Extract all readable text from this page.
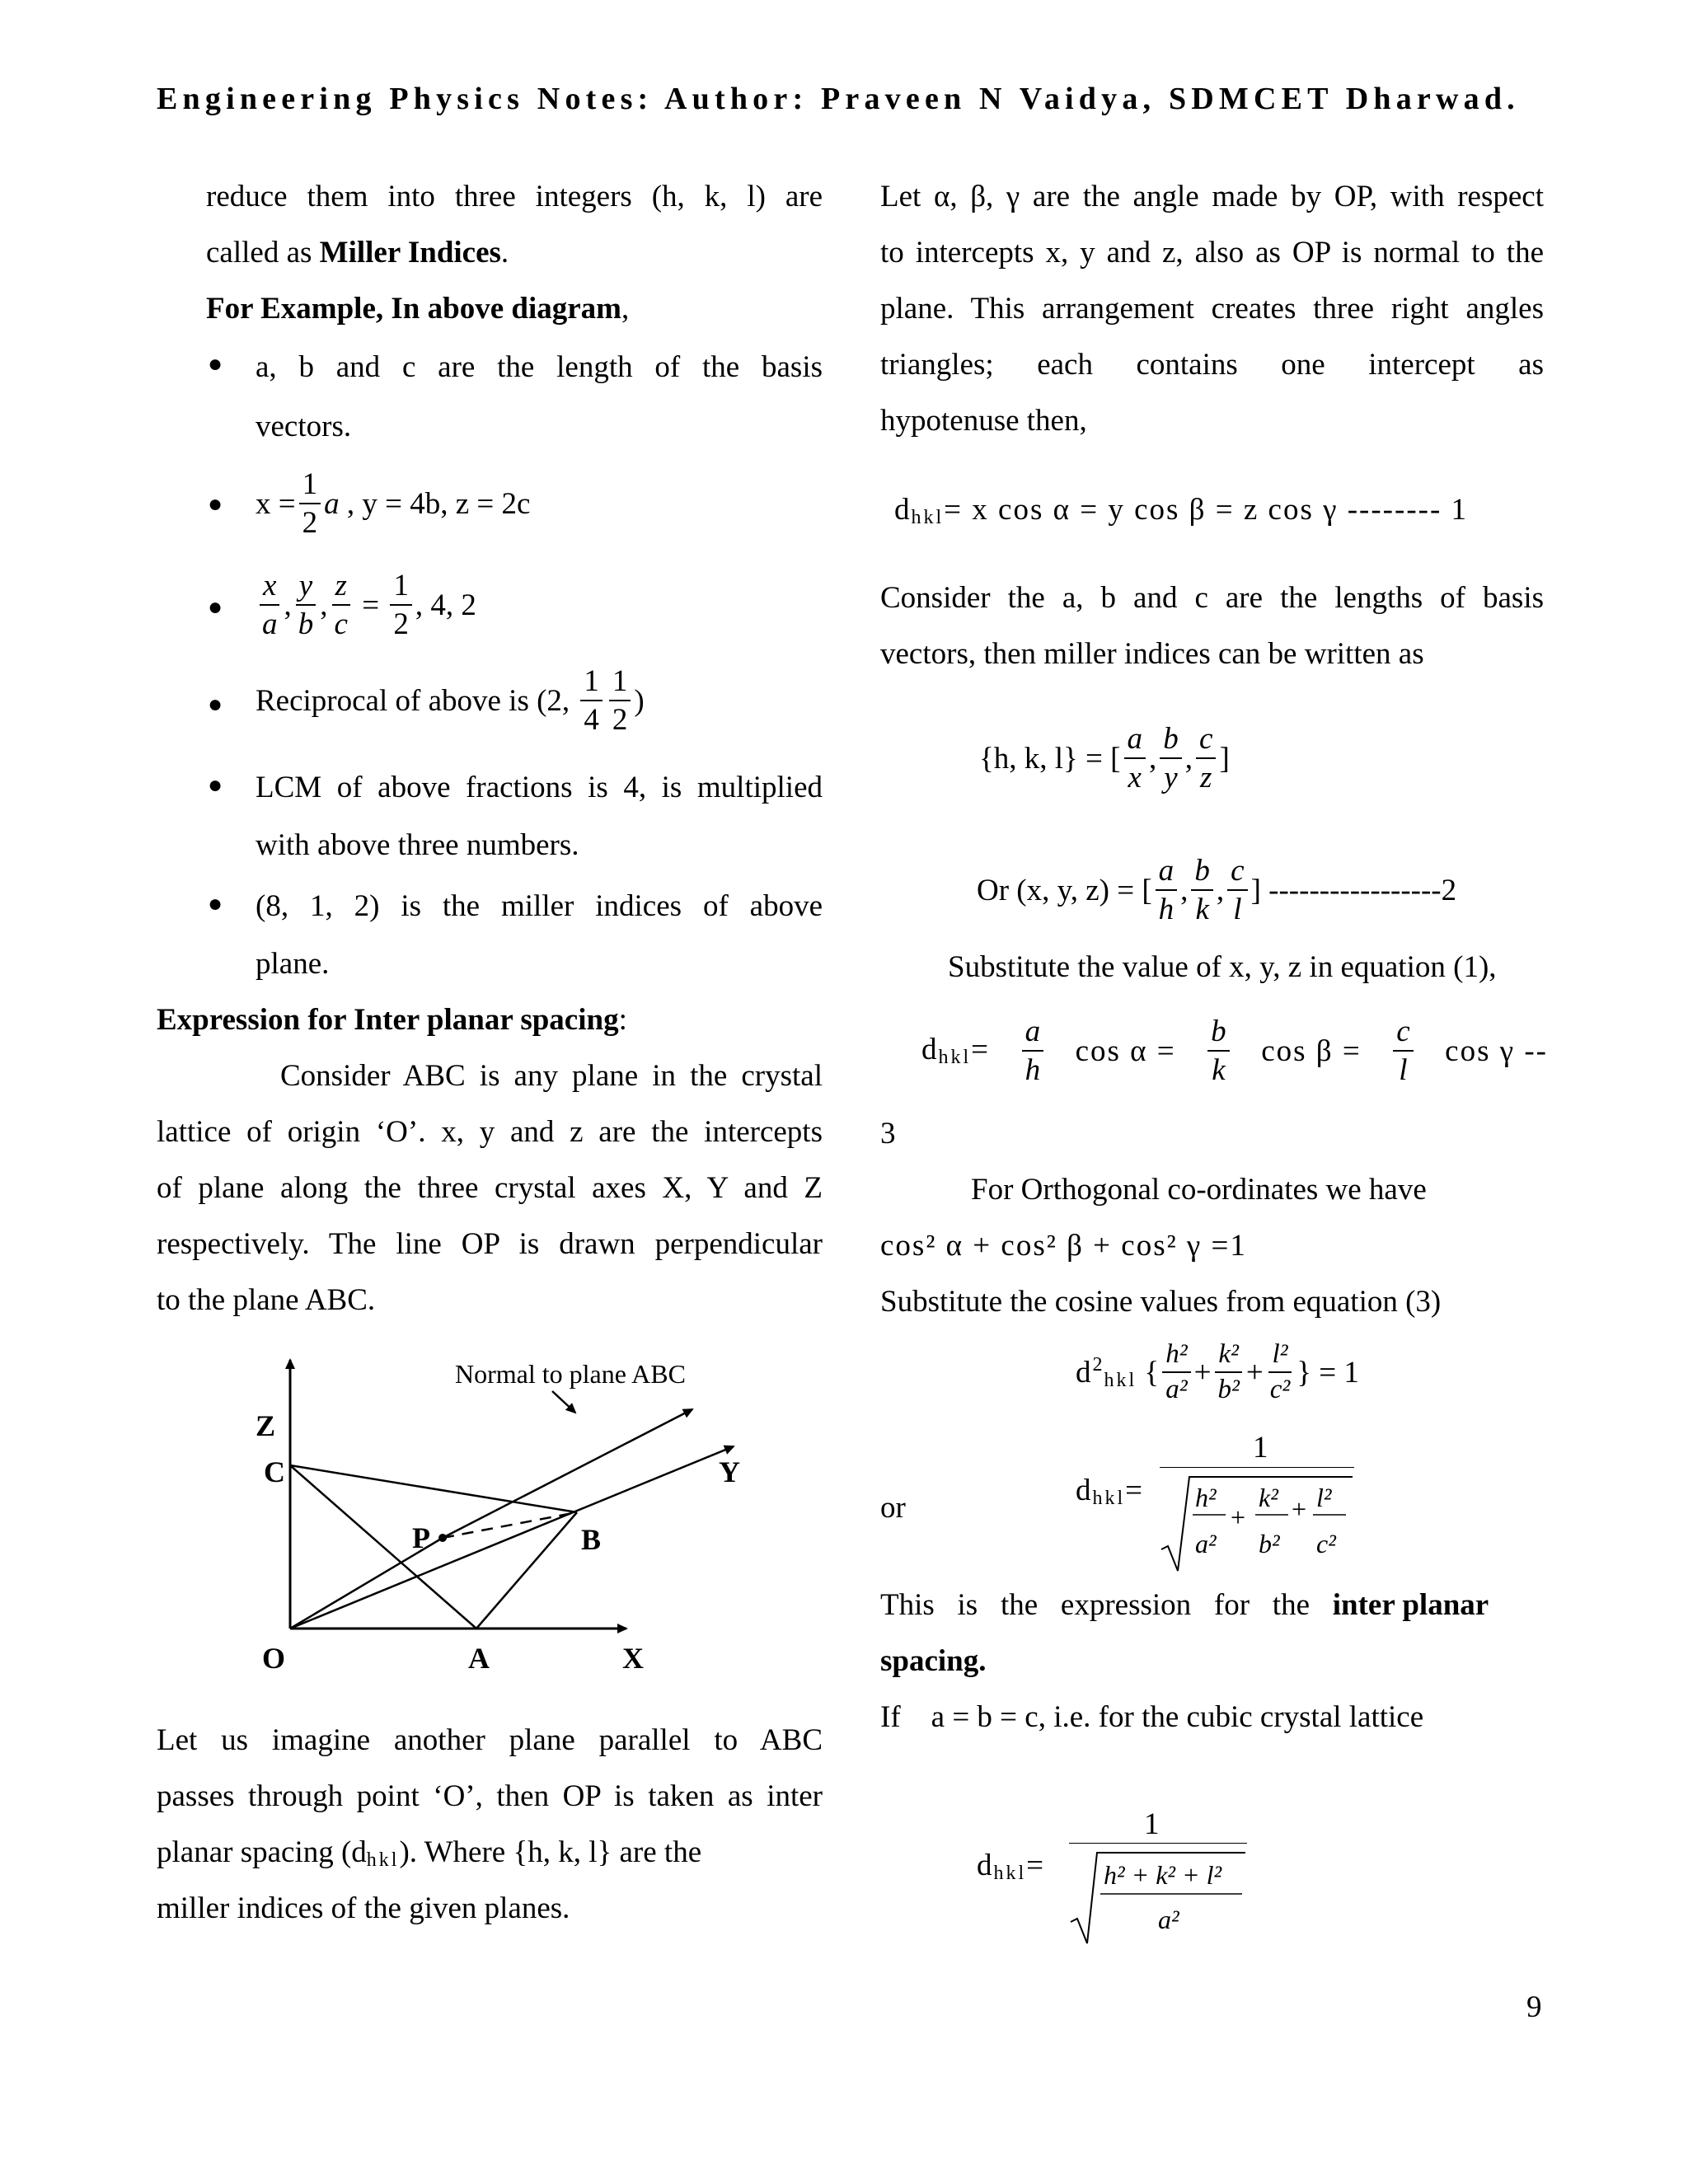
Engineering Physics Notes: Author: Praveen N Vaidya, SDMCET Dharwad.
reduce them into three integers (h, k, l) are
called as Miller Indices.
For Example, In above diagram,
● a, b and c are the length of the basis
vectors.
● $x = \frac{1}{2}$ a
, y = 4b, z = 2c
● $\frac{x}{a}$ , $\frac{y}{b}$ , $\frac{z}{c}$
=
$\frac{1}{2}$ , 4, 2
● Reciprocal of above is (2,
$\frac{1}{4} \frac{1}{2}$ )
● LCM of above fractions is 4, is multiplied
with above three numbers.
● (8, 1, 2) is the miller indices of above
plane.
Expression for Inter planar spacing:
Consider ABC is any plane in the crystal
lattice of origin ‘O’. x, y and z are the intercepts
of plane along the three crystal axes X, Y and Z
respectively. The line OP is drawn perpendicular
to the plane ABC.
Normal to plane ABC
Z
C	Y
P	B
O	A	X
Let us imagine another plane parallel to ABC
passes through point ‘O’, then OP is taken as inter
planar spacing $(d_{hkl})$. Where {h, k, l} are the
miller indices of the given planes.
Let α, β, γ are the angle made by OP, with respect
to intercepts x, y and z, also as OP is normal to the
plane. This arrangement creates three right angles
triangles; each contains one intercept as
hypotenuse then,
$d_{hkl}= x$ cos α = y cos β = z cos γ -------- 1
Consider the a, b and c are the lengths of basis
vectors, then miller indices can be written as
{h, k, l} = [ $\frac{a}{x}$ , $\frac{b}{y}$ , $\frac{c}{z}$ ]
Or (x, y, z) = [ $\frac{a}{h}$ , $\frac{b}{k}$ , $\frac{c}{l}$ ] -----------------2
Substitute the value of x, y, z in equation (1),
$d_{hkl}= \frac{a}{h}$ $\cos \alpha = \frac{b}{k}$ $\cos \beta = \frac{c}{l}$ cos γ --
3
For Orthogonal co-ordinates we have
cos² α + cos² β + cos² γ =1
Substitute the cosine values from equation (3)
$d^2_{hkl}$
{ $\frac{\text{h²}}{\text{a²}} + \frac{\text{k²}}{\text{b²}} + \frac{\text{l²}}{\text{c²}}$ } = 1
or
$d_{hkl}=$
1
h² k² l²
+ +
a² b² c²
This   is   the   expression   for   the   inter planar
spacing.
If    a = b = c, i.e. for the cubic crystal lattice
$d_{hkl}=$
1
h² + k² + l²
a²
9
